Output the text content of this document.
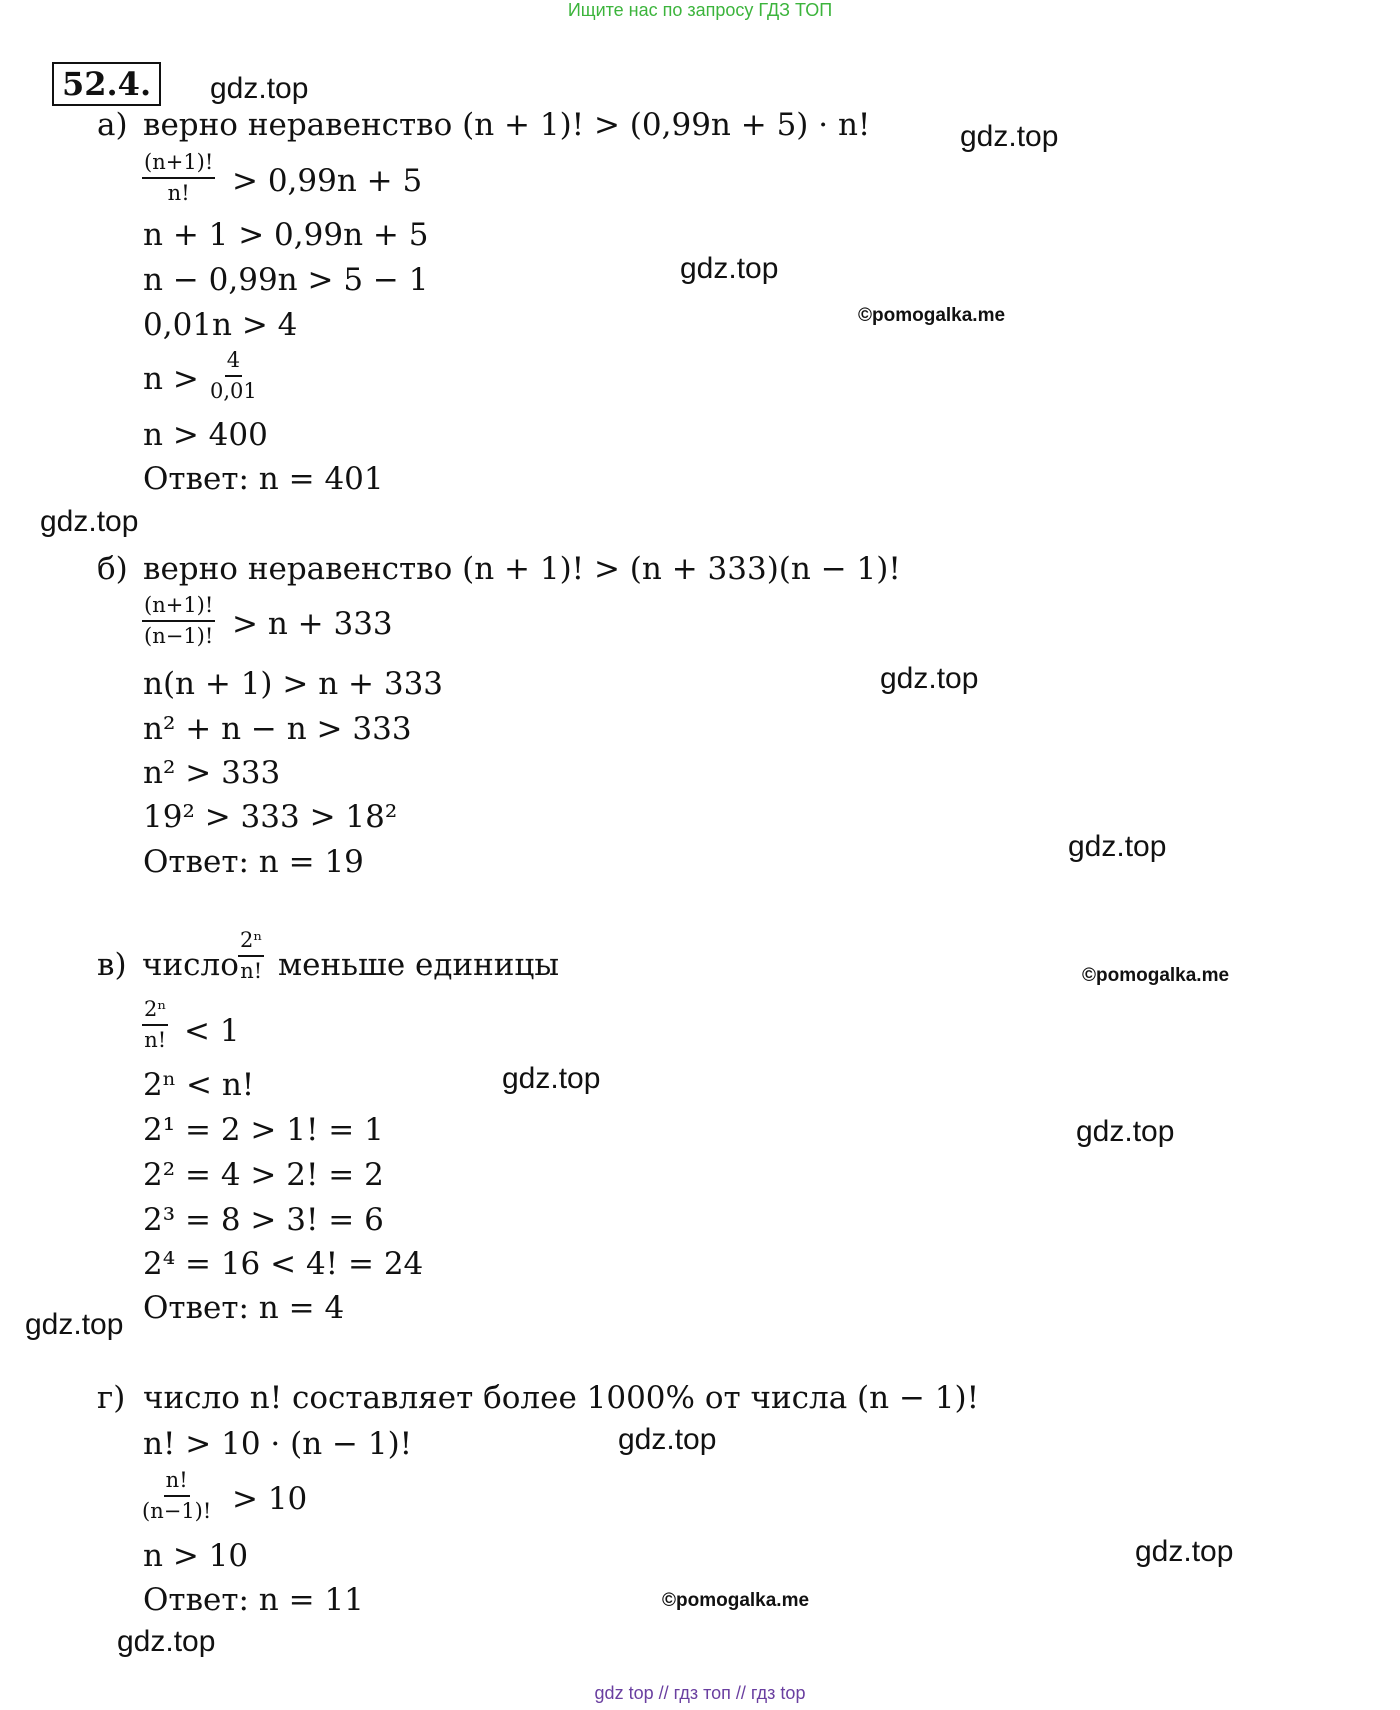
Ищите нас по запросу ГДЗ ТОП
52.4.	gdz.top
gdz.top
gdz.top
©pomogalka.me
gdz.top
gdz.top
gdz.top
©pomogalka.me
gdz.top
gdz.top
gdz.top
gdz.top
gdz.top
©pomogalka.me
gdz.top
а) верно неравенство (n + 1)! > (0,99n + 5) · n!
$\frac{(n+1)!}{n!} > 0,99n + 5$
n + 1 > 0,99n + 5
n − 0,99n > 5 − 1
0,01n > 4
$n > \frac{4}{0,01}$
n > 400
Ответ: n = 401
б) верно неравенство (n + 1)! > (n + 333)(n − 1)!
$\frac{(n+1)!}{(n-1)!} > n + 333$
n(n + 1) > n + 333
n² + n − n > 333
n² > 333
19² > 333 > 18²
Ответ: n = 19
в) число $\frac{\text{2ⁿ}}{n!}$ меньше единицы
$\frac{\text{2ⁿ}}{n!} < 1$
2ⁿ < n!
2¹ = 2 > 1! = 1
2² = 4 > 2! = 2
2³ = 8 > 3! = 6
2⁴ = 16 < 4! = 24
Ответ: n = 4
г) число n! составляет более 1000% от числа (n − 1)!
n! > 10 · (n − 1)!
$\frac{n!}{(n-1)!} > 10$
n > 10
Ответ: n = 11
gdz top // гдз топ // гдз top
